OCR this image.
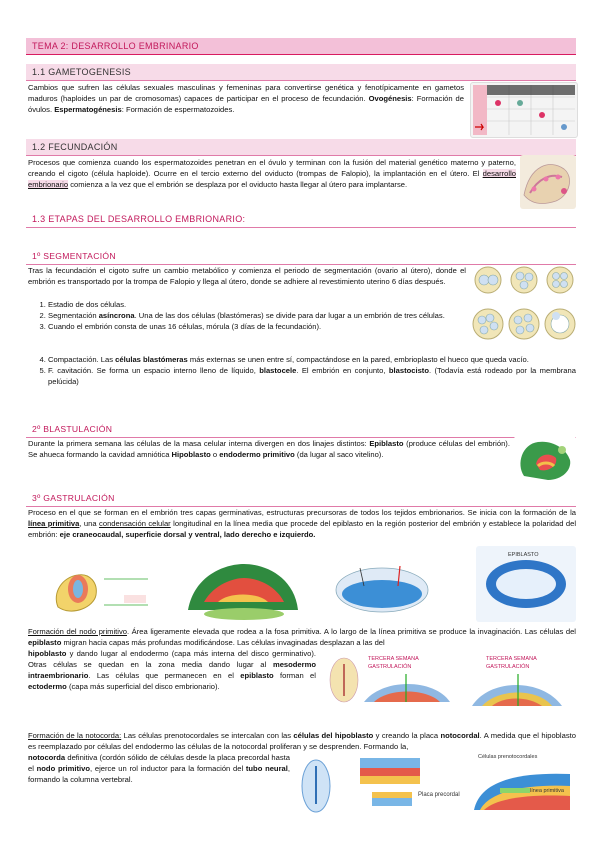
TEMA 2: DESARROLLO EMBRINARIO
1.1 GAMETOGENESIS
Cambios que sufren las células sexuales masculinas y femeninas para convertirse genética y fenotípicamente en gametos maduros (haploides un par de cromosomas) capaces de participar en el proceso de fecundación. Ovogénesis: Formación de óvulos. Espermatogénesis: Formación de espermatozoides.
1.2 FECUNDACIÓN
Procesos que comienza cuando los espermatozoides penetran en el óvulo y terminan con la fusión del material genético materno y paterno, creando el cigoto (célula haploide). Ocurre en el tercio externo del oviducto (trompas de Falopio), la implantación en el útero. El desarrollo embrionario comienza a la vez que el embrión se desplaza por el oviducto hasta llegar al útero para implantarse.
1.3 ETAPAS DEL DESARROLLO EMBRIONARIO:
1º SEGMENTACIÓN
Tras la fecundación el cigoto sufre un cambio metabólico y comienza el periodo de segmentación (ovario al útero), donde el embrión es transportado por la trompa de Falopio y llega al útero, donde se adhiere al revestimiento uterino 6 días después.
1. Estadio de dos células.
2. Segmentación asíncrona. Una de las dos células (blastómeras) se divide para dar lugar a un embrión de tres células.
3. Cuando el embrión consta de unas 16 células, mórula (3 días de la fecundación).
4. Compactación. Las células blastómeras más externas se unen entre sí, compactándose en la pared, embrioplasto el hueco que queda vacío.
5. F. cavitación. Se forma un espacio interno lleno de líquido, blastocele. El embrión en conjunto, blastocisto. (Todavía está rodeado por la membrana pelúcida)
2º BLASTULACIÓN
Durante la primera semana las células de la masa celular interna divergen en dos linajes distintos: Epiblasto (produce células del embrión). Se ahueca formando la cavidad amniótica Hipoblasto o endodermo primitivo (da lugar al saco vitelino).
3º GASTRULACIÓN
Proceso en el que se forman en el embrión tres capas germinativas, estructuras precursoras de todos los tejidos embrionarios. Se inicia con la formación de la línea primitiva, una condensación celular longitudinal en la línea media que procede del epiblasto en la región posterior del embrión y establece la polaridad del embrión: eje craneocaudal, superficie dorsal y ventral, lado derecho e izquierdo.
EPIBLASTO
Formación del nodo primitivo. Área ligeramente elevada que rodea a la fosa primitiva. A lo largo de la línea primitiva se produce la invaginación. Las células del epiblasto migran hacia capas más profundas modificándose. Las células invaginadas desplazan a las del
hipoblasto y dando lugar al endodermo (capa más interna del disco germinativo). Otras células se quedan en la zona media dando lugar al mesodermo intraembrionario. Las células que permanecen en el epiblasto forman el ectodermo (capa más superficial del disco embrionario).
TERCERA SEMANA
GASTRULACIÓN
TERCERA SEMANA
GASTRULACIÓN
Formación de la notocorda: Las células prenotocordales se intercalan con las células del hipoblasto y creando la placa notocordal. A medida que el hipoblasto es reemplazado por células del endodermo las células de la notocordal proliferan y se desprenden. Formando la,
notocorda definitiva (cordón sólido de células desde la placa precordal hasta el nodo primitivo, ejerce un rol inductor para la formación del tubo neural, formando la columna vertebral.
Placa precordal
Células prenotocordales
línea primitiva
